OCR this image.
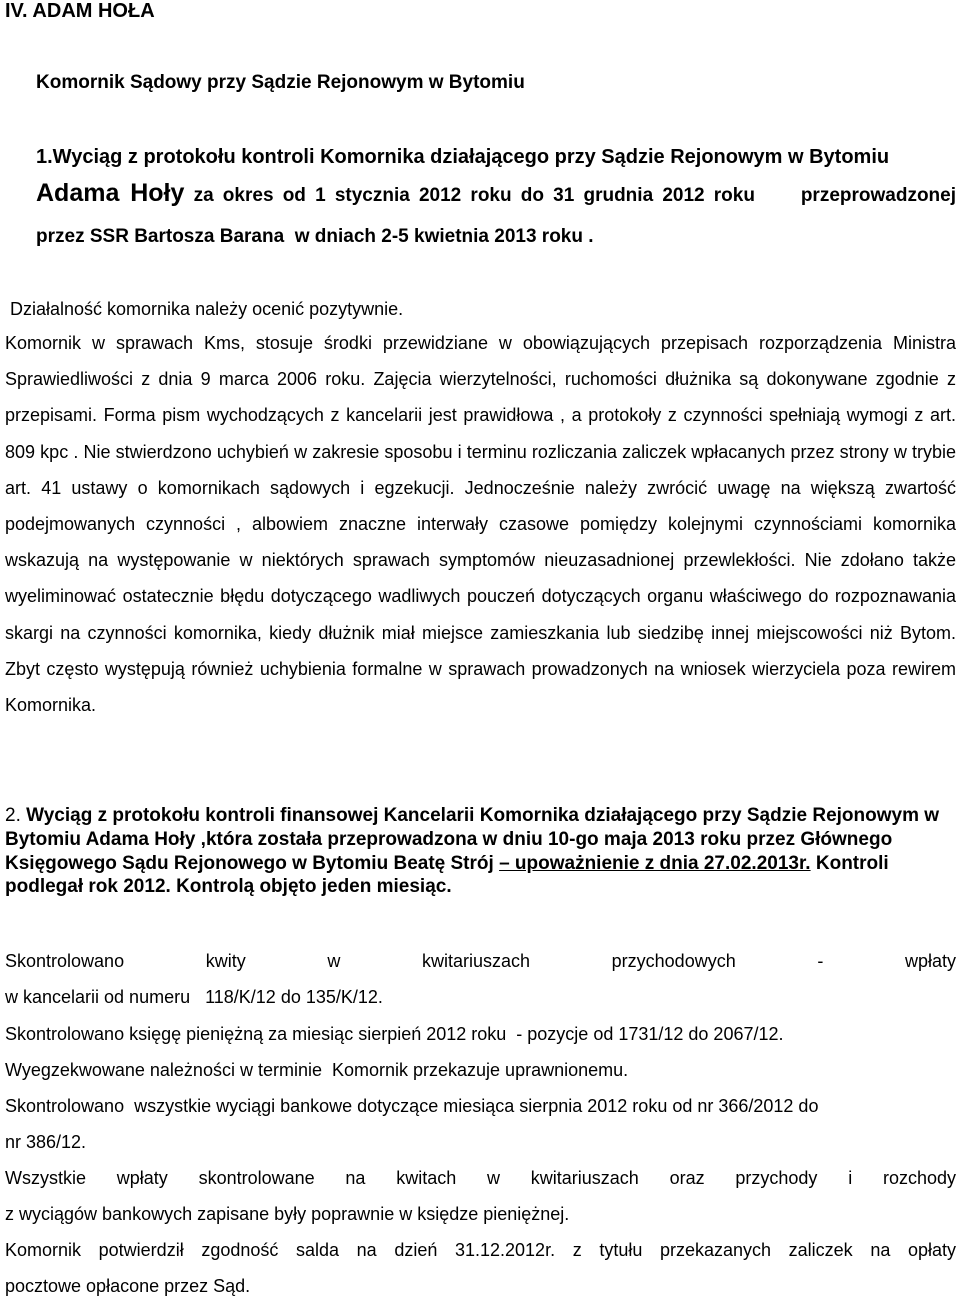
IV. ADAM HOŁA
Komornik Sądowy przy Sądzie Rejonowym w Bytomiu
1.Wyciąg z protokołu kontroli Komornika działającego przy Sądzie Rejonowym w Bytomiu
Adama Hoły za okres od 1 stycznia 2012 roku do 31 grudnia 2012 roku     przeprowadzonej
przez SSR Bartosza Barana  w dniach 2-5 kwietnia 2013 roku .
Działalność komornika należy ocenić pozytywnie.

Komornik w sprawach Kms, stosuje środki przewidziane w obowiązujących przepisach rozporządzenia Ministra Sprawiedliwości z dnia 9 marca 2006 roku. Zajęcia wierzytelności, ruchomości dłużnika są dokonywane zgodnie z przepisami. Forma pism wychodzących z kancelarii jest prawidłowa , a protokoły z czynności spełniają wymogi z art. 809 kpc . Nie stwierdzono uchybień w zakresie sposobu i terminu rozliczania zaliczek wpłacanych przez strony w trybie art. 41 ustawy o komornikach sądowych i egzekucji. Jednocześnie należy zwrócić uwagę na większą zwartość podejmowanych czynności , albowiem znaczne interwały czasowe pomiędzy kolejnymi czynnościami komornika wskazują na występowanie w niektórych sprawach symptomów nieuzasadnionej przewlekłości. Nie zdołano także wyeliminować ostatecznie błędu dotyczącego wadliwych pouczeń dotyczących organu właściwego do rozpoznawania skargi na czynności komornika, kiedy dłużnik miał miejsce zamieszkania lub siedzibę innej miejscowości niż Bytom. Zbyt często występują również uchybienia formalne w sprawach prowadzonych na wniosek wierzyciela poza rewirem Komornika.

2. Wyciąg z protokołu kontroli finansowej Kancelarii Komornika działającego przy Sądzie Rejonowym w Bytomiu Adama Hoły ,która została przeprowadzona w dniu 10-go maja 2013 roku przez Głównego Księgowego Sądu Rejonowego w Bytomiu Beatę Strój – upoważnienie z dnia 27.02.2013r. Kontroli podlegał rok 2012. Kontrolą objęto jeden miesiąc.

Skontrolowano kwity w kwitariuszach przychodowych - wpłaty
w kancelarii od numeru   118/K/12 do 135/K/12.
Skontrolowano księgę pieniężną za miesiąc sierpień 2012 roku  - pozycje od 1731/12 do 2067/12.
Wyegzekwowane należności w terminie  Komornik przekazuje uprawnionemu.
Skontrolowano  wszystkie wyciągi bankowe dotyczące miesiąca sierpnia 2012 roku od nr 366/2012 do
nr 386/12.
Wszystkie wpłaty skontrolowane na kwitach w kwitariuszach oraz przychody i rozchody
z wyciągów bankowych zapisane były poprawnie w księdze pieniężnej.
Komornik potwierdził zgodność salda na dzień 31.12.2012r. z tytułu przekazanych zaliczek na opłaty
pocztowe opłacone przez Sąd.
